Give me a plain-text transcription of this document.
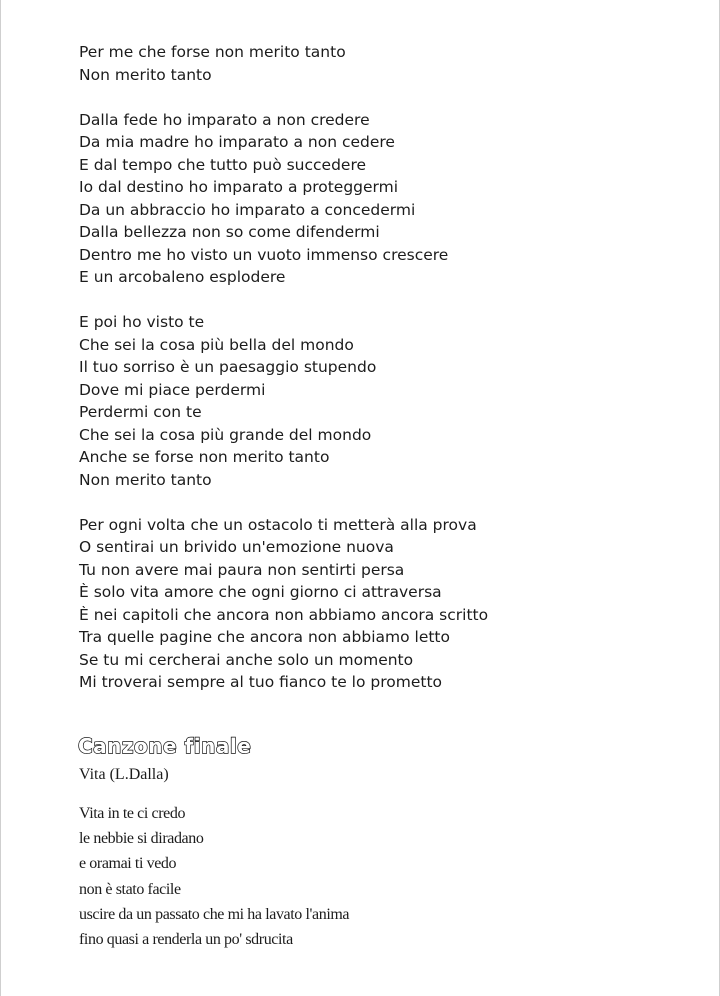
Per me che forse non merito tanto
Non merito tanto
Dalla fede ho imparato a non credere
Da mia madre ho imparato a non cedere
E dal tempo che tutto può succedere
Io dal destino ho imparato a proteggermi
Da un abbraccio ho imparato a concedermi
Dalla bellezza non so come difendermi
Dentro me ho visto un vuoto immenso crescere
E un arcobaleno esplodere
E poi ho visto te
Che sei la cosa più bella del mondo
Il tuo sorriso è un paesaggio stupendo
Dove mi piace perdermi
Perdermi con te
Che sei la cosa più grande del mondo
Anche se forse non merito tanto
Non merito tanto
Per ogni volta che un ostacolo ti metterà alla prova
O sentirai un brivido un'emozione nuova
Tu non avere mai paura non sentirti persa
È solo vita amore che ogni giorno ci attraversa
È nei capitoli che ancora non abbiamo ancora scritto
Tra quelle pagine che ancora non abbiamo letto
Se tu mi cercherai anche solo un momento
Mi troverai sempre al tuo fianco te lo prometto
Canzone finale
Vita (L.Dalla)
Vita in te ci credo
le nebbie si diradano
e oramai ti vedo
non è stato facile
uscire da un passato che mi ha lavato l'anima
fino quasi a renderla un po' sdrucita
